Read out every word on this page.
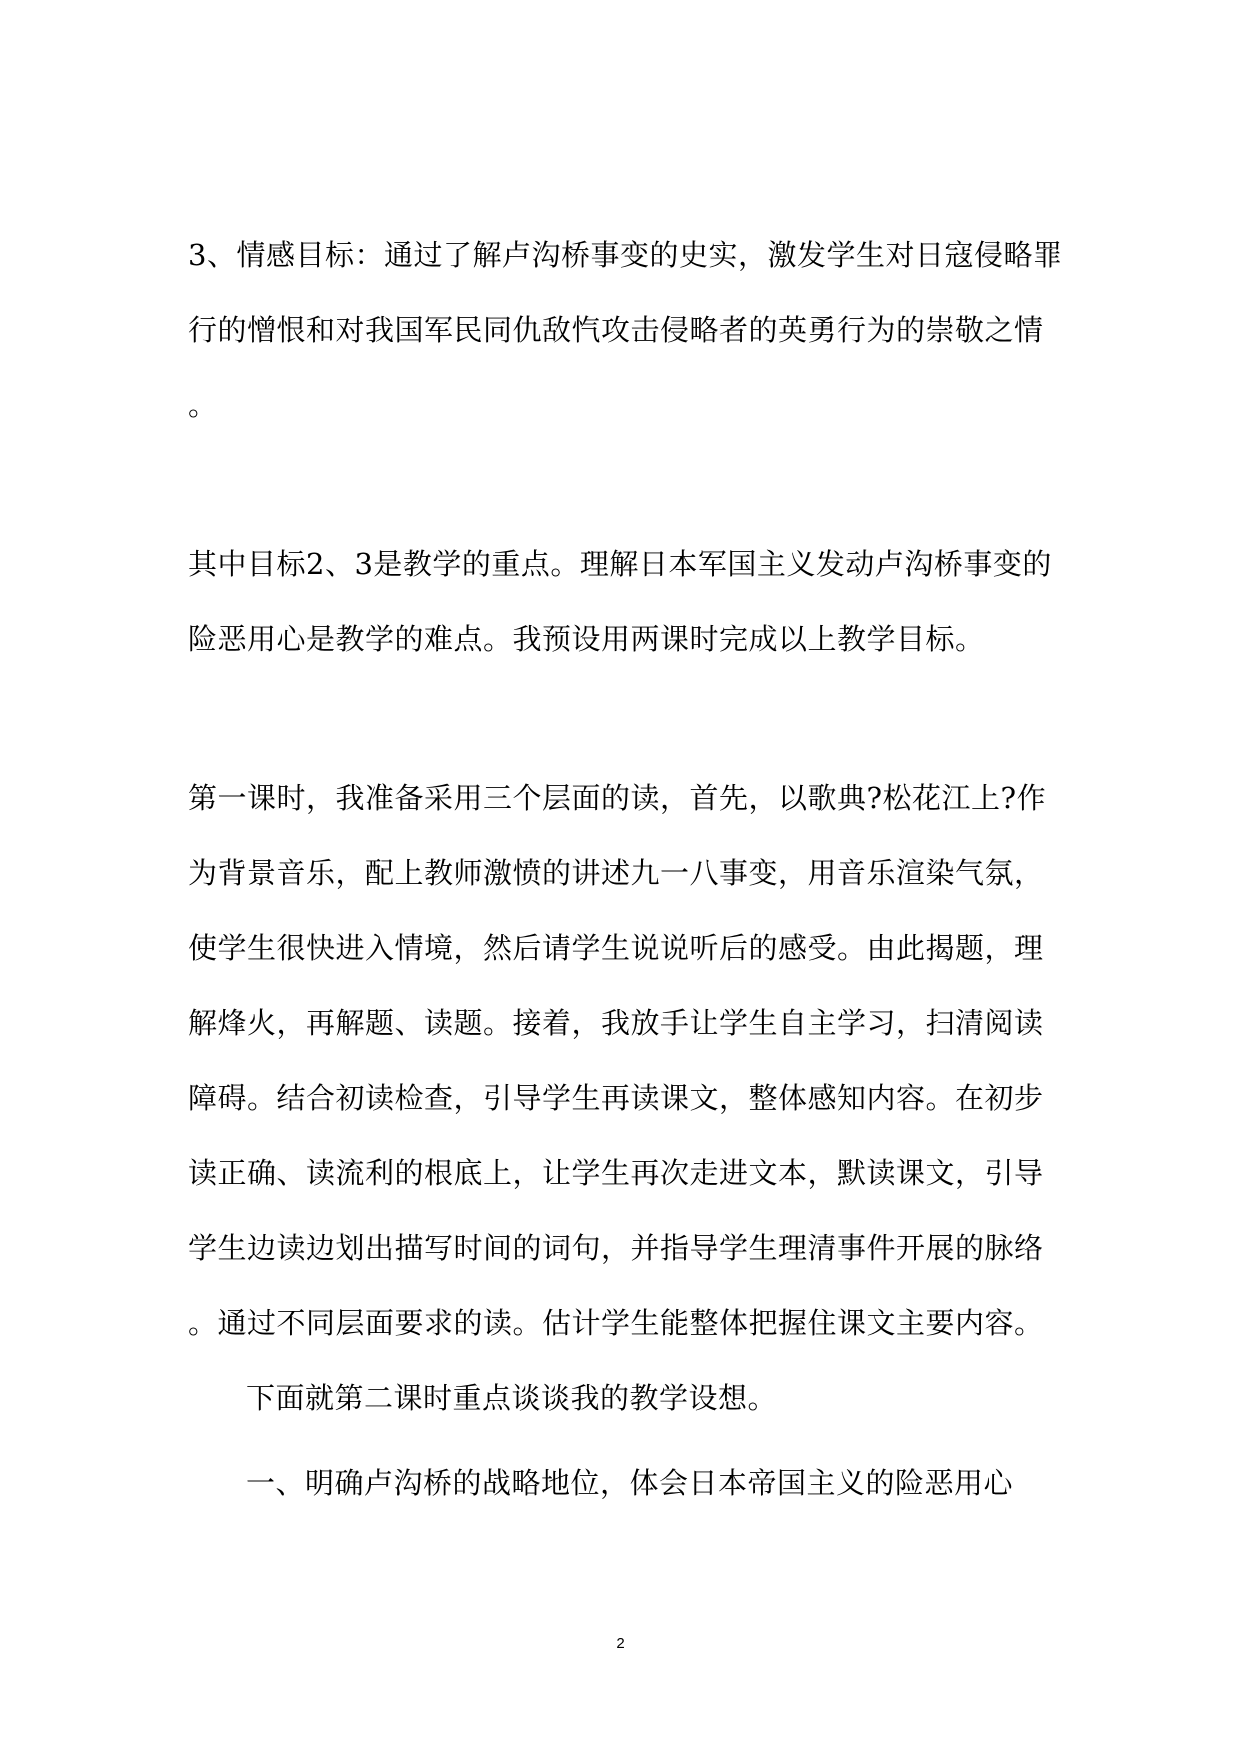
3、情感目标：通过了解卢沟桥事变的史实，激发学生对日寇侵略罪
行的憎恨和对我国军民同仇敌忾攻击侵略者的英勇行为的崇敬之情
。
其中目标2、3是教学的重点。理解日本军国主义发动卢沟桥事变的
险恶用心是教学的难点。我预设用两课时完成以上教学目标。
第一课时，我准备采用三个层面的读，首先，以歌典?松花江上?作
为背景音乐，配上教师激愤的讲述九一八事变，用音乐渲染气氛，
使学生很快进入情境，然后请学生说说听后的感受。由此揭题，理
解烽火，再解题、读题。接着，我放手让学生自主学习，扫清阅读
障碍。结合初读检查，引导学生再读课文，整体感知内容。在初步
读正确、读流利的根底上，让学生再次走进文本，默读课文，引导
学生边读边划出描写时间的词句，并指导学生理清事件开展的脉络
。通过不同层面要求的读。估计学生能整体把握住课文主要内容。
下面就第二课时重点谈谈我的教学设想。
一、明确卢沟桥的战略地位，体会日本帝国主义的险恶用心
2
